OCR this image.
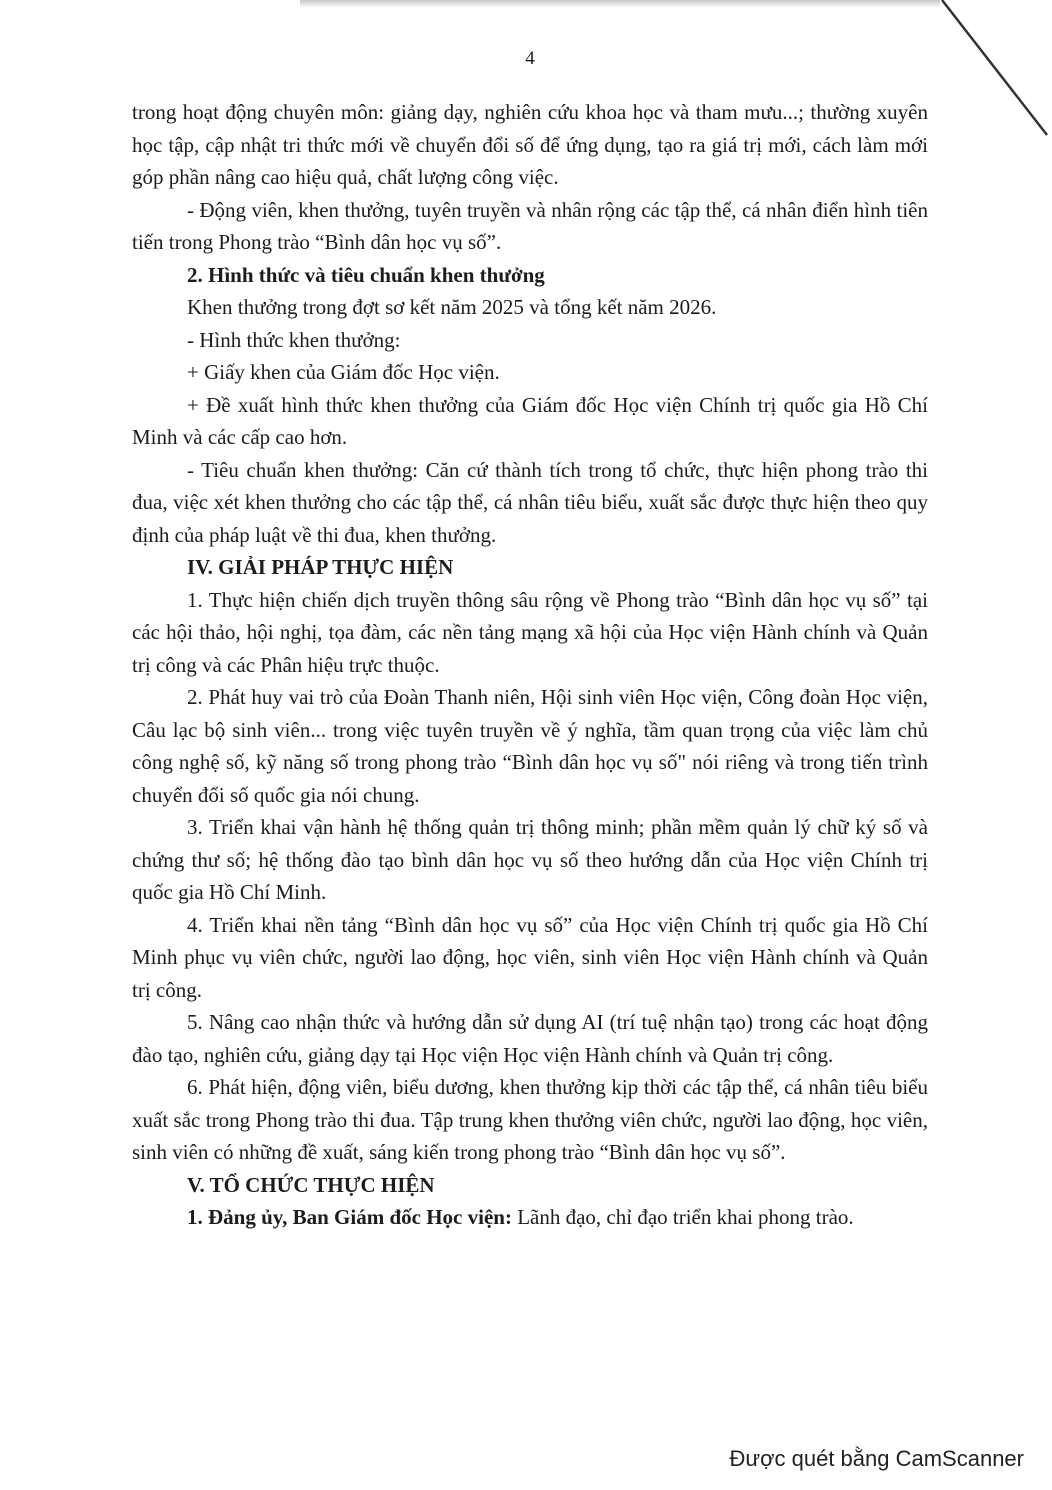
4

trong hoạt động chuyên môn: giảng dạy, nghiên cứu khoa học và tham mưu...; thường xuyên học tập, cập nhật tri thức mới về chuyển đổi số để ứng dụng, tạo ra giá trị mới, cách làm mới góp phần nâng cao hiệu quả, chất lượng công việc.

- Động viên, khen thưởng, tuyên truyền và nhân rộng các tập thể, cá nhân điển hình tiên tiến trong Phong trào “Bình dân học vụ số”.

2. Hình thức và tiêu chuẩn khen thưởng

Khen thưởng trong đợt sơ kết năm 2025 và tổng kết năm 2026.

- Hình thức khen thưởng:

+ Giấy khen của Giám đốc Học viện.

+ Đề xuất hình thức khen thưởng của Giám đốc Học viện Chính trị quốc gia Hồ Chí Minh và các cấp cao hơn.

- Tiêu chuẩn khen thưởng: Căn cứ thành tích trong tổ chức, thực hiện phong trào thi đua, việc xét khen thưởng cho các tập thể, cá nhân tiêu biểu, xuất sắc được thực hiện theo quy định của pháp luật về thi đua, khen thưởng.

IV. GIẢI PHÁP THỰC HIỆN

1. Thực hiện chiến dịch truyền thông sâu rộng về Phong trào “Bình dân học vụ số” tại các hội thảo, hội nghị, tọa đàm, các nền tảng mạng xã hội của Học viện Hành chính và Quản trị công và các Phân hiệu trực thuộc.

2. Phát huy vai trò của Đoàn Thanh niên, Hội sinh viên Học viện, Công đoàn Học viện, Câu lạc bộ sinh viên... trong việc tuyên truyền về ý nghĩa, tầm quan trọng của việc làm chủ công nghệ số, kỹ năng số trong phong trào “Bình dân học vụ số" nói riêng và trong tiến trình chuyển đổi số quốc gia nói chung.

3. Triển khai vận hành hệ thống quản trị thông minh; phần mềm quản lý chữ ký số và chứng thư số; hệ thống đào tạo bình dân học vụ số theo hướng dẫn của Học viện Chính trị quốc gia Hồ Chí Minh.

4. Triển khai nền tảng “Bình dân học vụ số” của Học viện Chính trị quốc gia Hồ Chí Minh phục vụ viên chức, người lao động, học viên, sinh viên Học viện Hành chính và Quản trị công.

5. Nâng cao nhận thức và hướng dẫn sử dụng AI (trí tuệ nhận tạo) trong các hoạt động đào tạo, nghiên cứu, giảng dạy tại Học viện Học viện Hành chính và Quản trị công.

6. Phát hiện, động viên, biểu dương, khen thưởng kịp thời các tập thể, cá nhân tiêu biểu xuất sắc trong Phong trào thi đua. Tập trung khen thưởng viên chức, người lao động, học viên, sinh viên có những đề xuất, sáng kiến trong phong trào “Bình dân học vụ số”.

V. TỔ CHỨC THỰC HIỆN

1. Đảng ủy, Ban Giám đốc Học viện: Lãnh đạo, chỉ đạo triển khai phong trào.

Được quét bằng CamScanner
